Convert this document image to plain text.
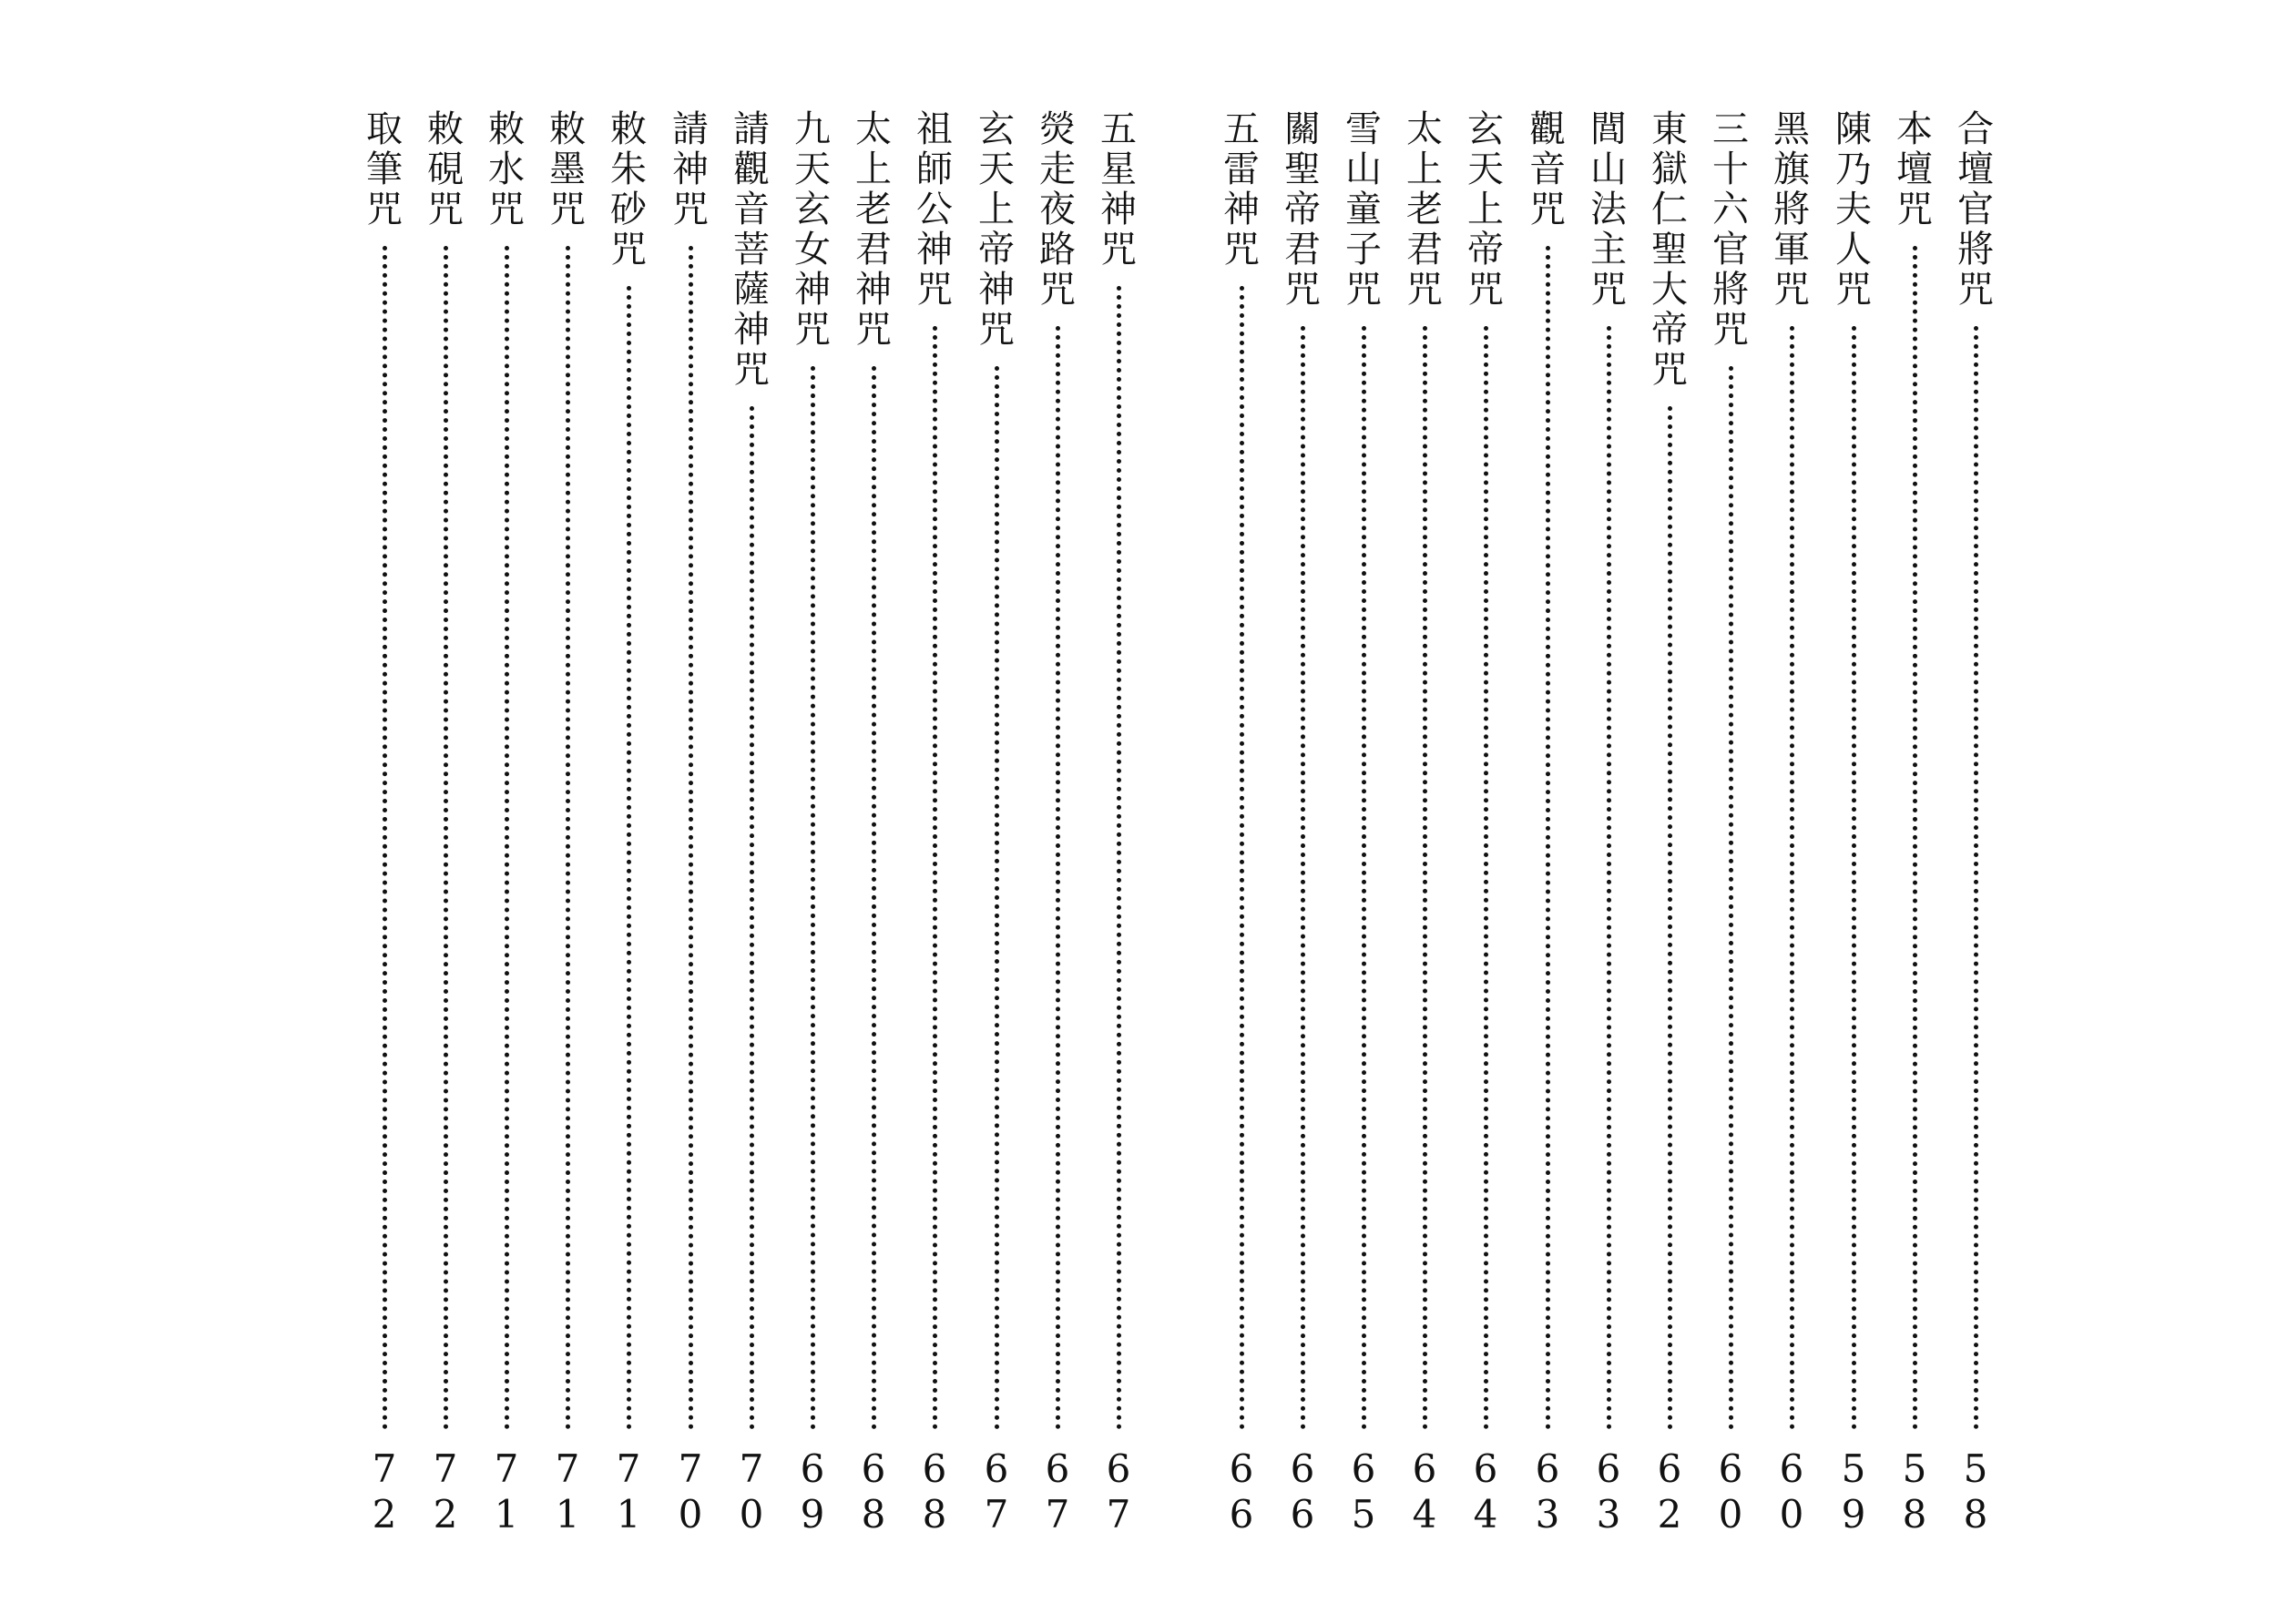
合
壇
官
將
咒
5
8
本
壇
咒
5
8
陳
乃
夫
人
咒
5
9
黑
旗
將
軍
咒
6
0
三
十
六
官
將
咒
6
0
東
獄
仁
聖
大
帝
咒
6
2
閭
山
法
主
咒
6
3
觀
音
咒
6
3
玄
天
上
帝
咒
6
4
太
上
老
君
咒
6
4
雪
山
童
子
咒
6
5
關
聖
帝
君
咒
6
6
五
雷
神
咒
6
6
五
星
神
咒
6
7
熒
走
夜
路
咒
6
7
玄
天
上
帝
神
咒
6
7
祖
師
公
神
咒
6
8
太
上
老
君
神
咒
6
8
九
天
玄
女
神
咒
6
9
請
觀
音
菩
薩
神
咒
7
0
請
神
咒
7
0
敕
朱
砂
咒
7
1
敕
墨
咒
7
1
敕
水
咒
7
1
敕
硯
咒
7
2
取
筆
咒
7
2
